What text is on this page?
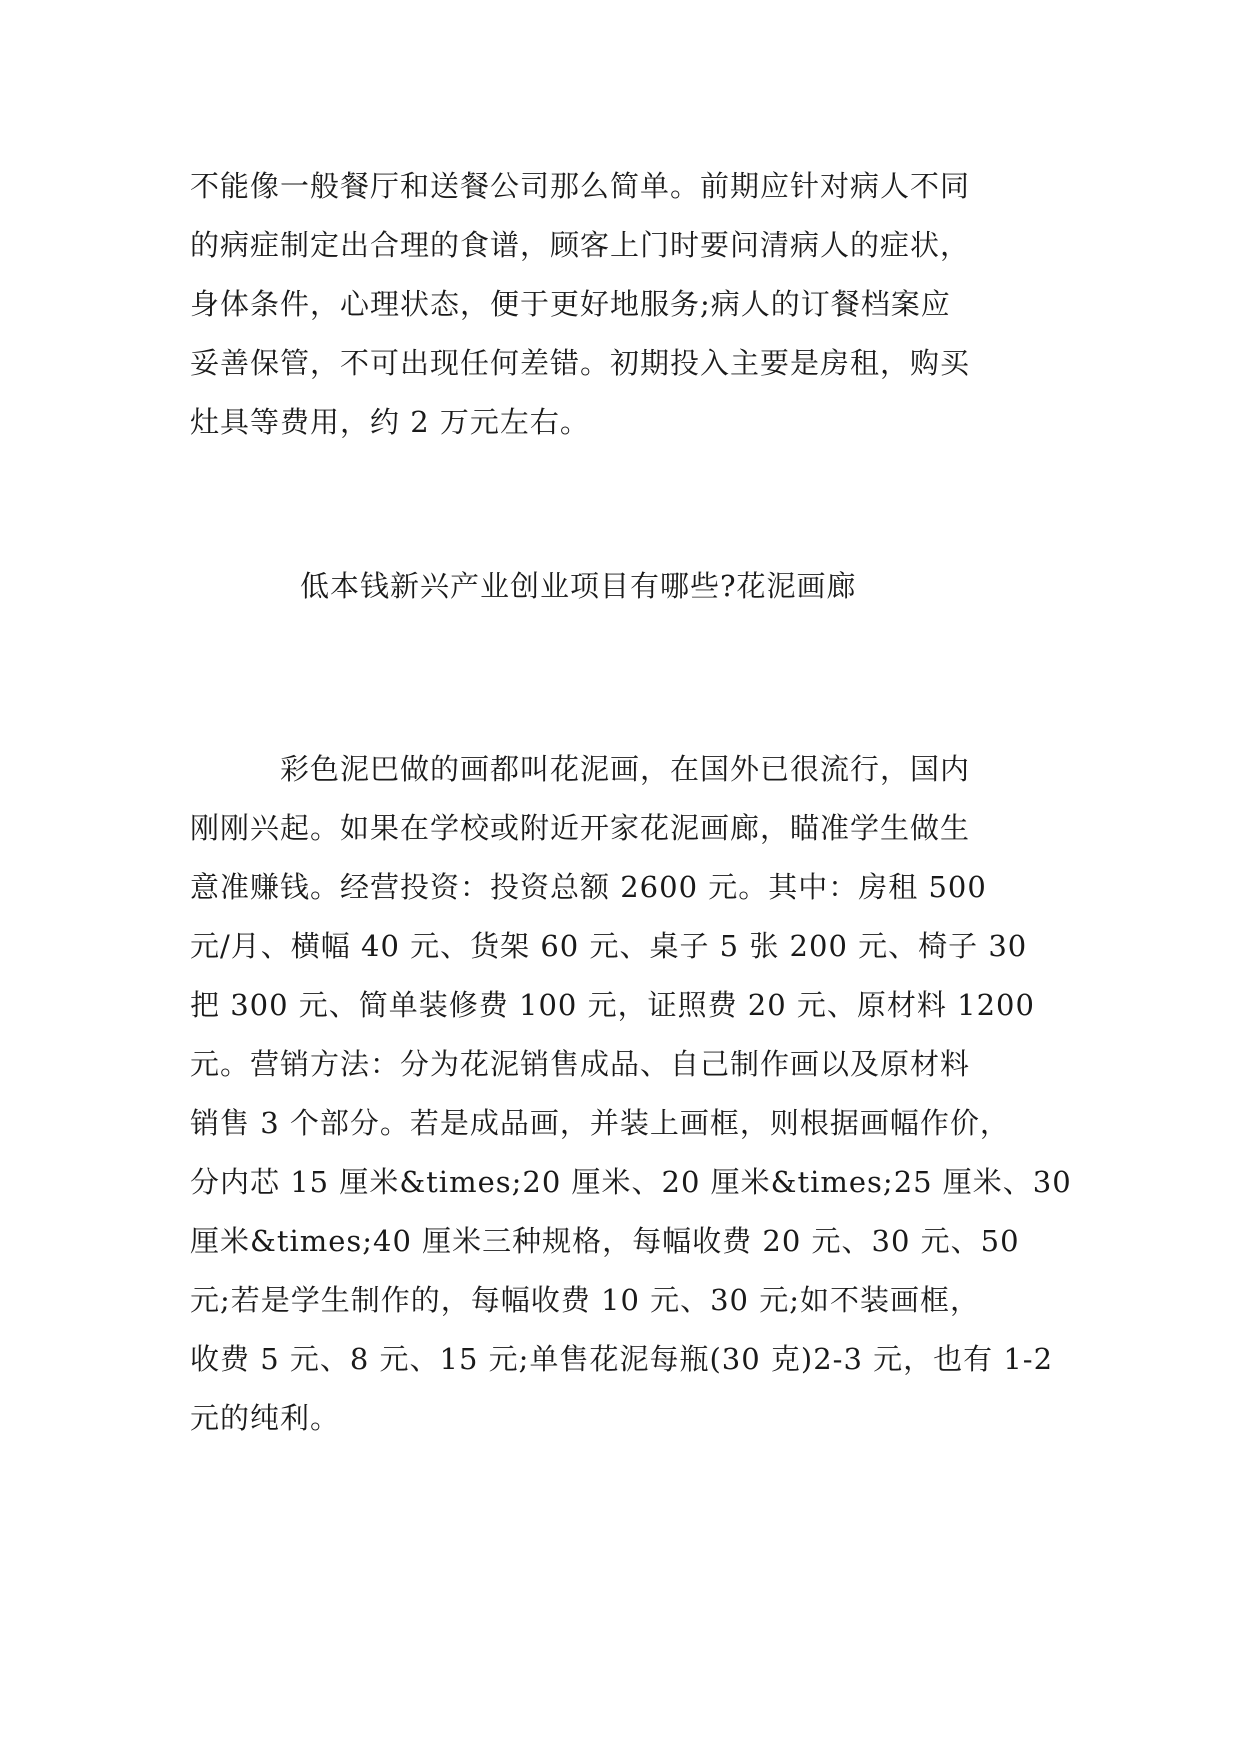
不能像一般餐厅和送餐公司那么简单。前期应针对病人不同
的病症制定出合理的食谱，顾客上门时要问清病人的症状，
身体条件，心理状态，便于更好地服务;病人的订餐档案应
妥善保管，不可出现任何差错。初期投入主要是房租，购买
灶具等费用，约 2 万元左右。

低本钱新兴产业创业项目有哪些?花泥画廊

　　　彩色泥巴做的画都叫花泥画，在国外已很流行，国内
刚刚兴起。如果在学校或附近开家花泥画廊，瞄准学生做生
意准赚钱。经营投资：投资总额 2600 元。其中：房租 500
元/月、横幅 40 元、货架 60 元、桌子 5 张 200 元、椅子 30
把 300 元、简单装修费 100 元，证照费 20 元、原材料 1200
元。营销方法：分为花泥销售成品、自己制作画以及原材料
销售 3 个部分。若是成品画，并装上画框，则根据画幅作价，
分内芯 15 厘米&times;20 厘米、20 厘米&times;25 厘米、30
厘米&times;40 厘米三种规格，每幅收费 20 元、30 元、50
元;若是学生制作的，每幅收费 10 元、30 元;如不装画框，
收费 5 元、8 元、15 元;单售花泥每瓶(30 克)2-3 元，也有 1-2
元的纯利。
